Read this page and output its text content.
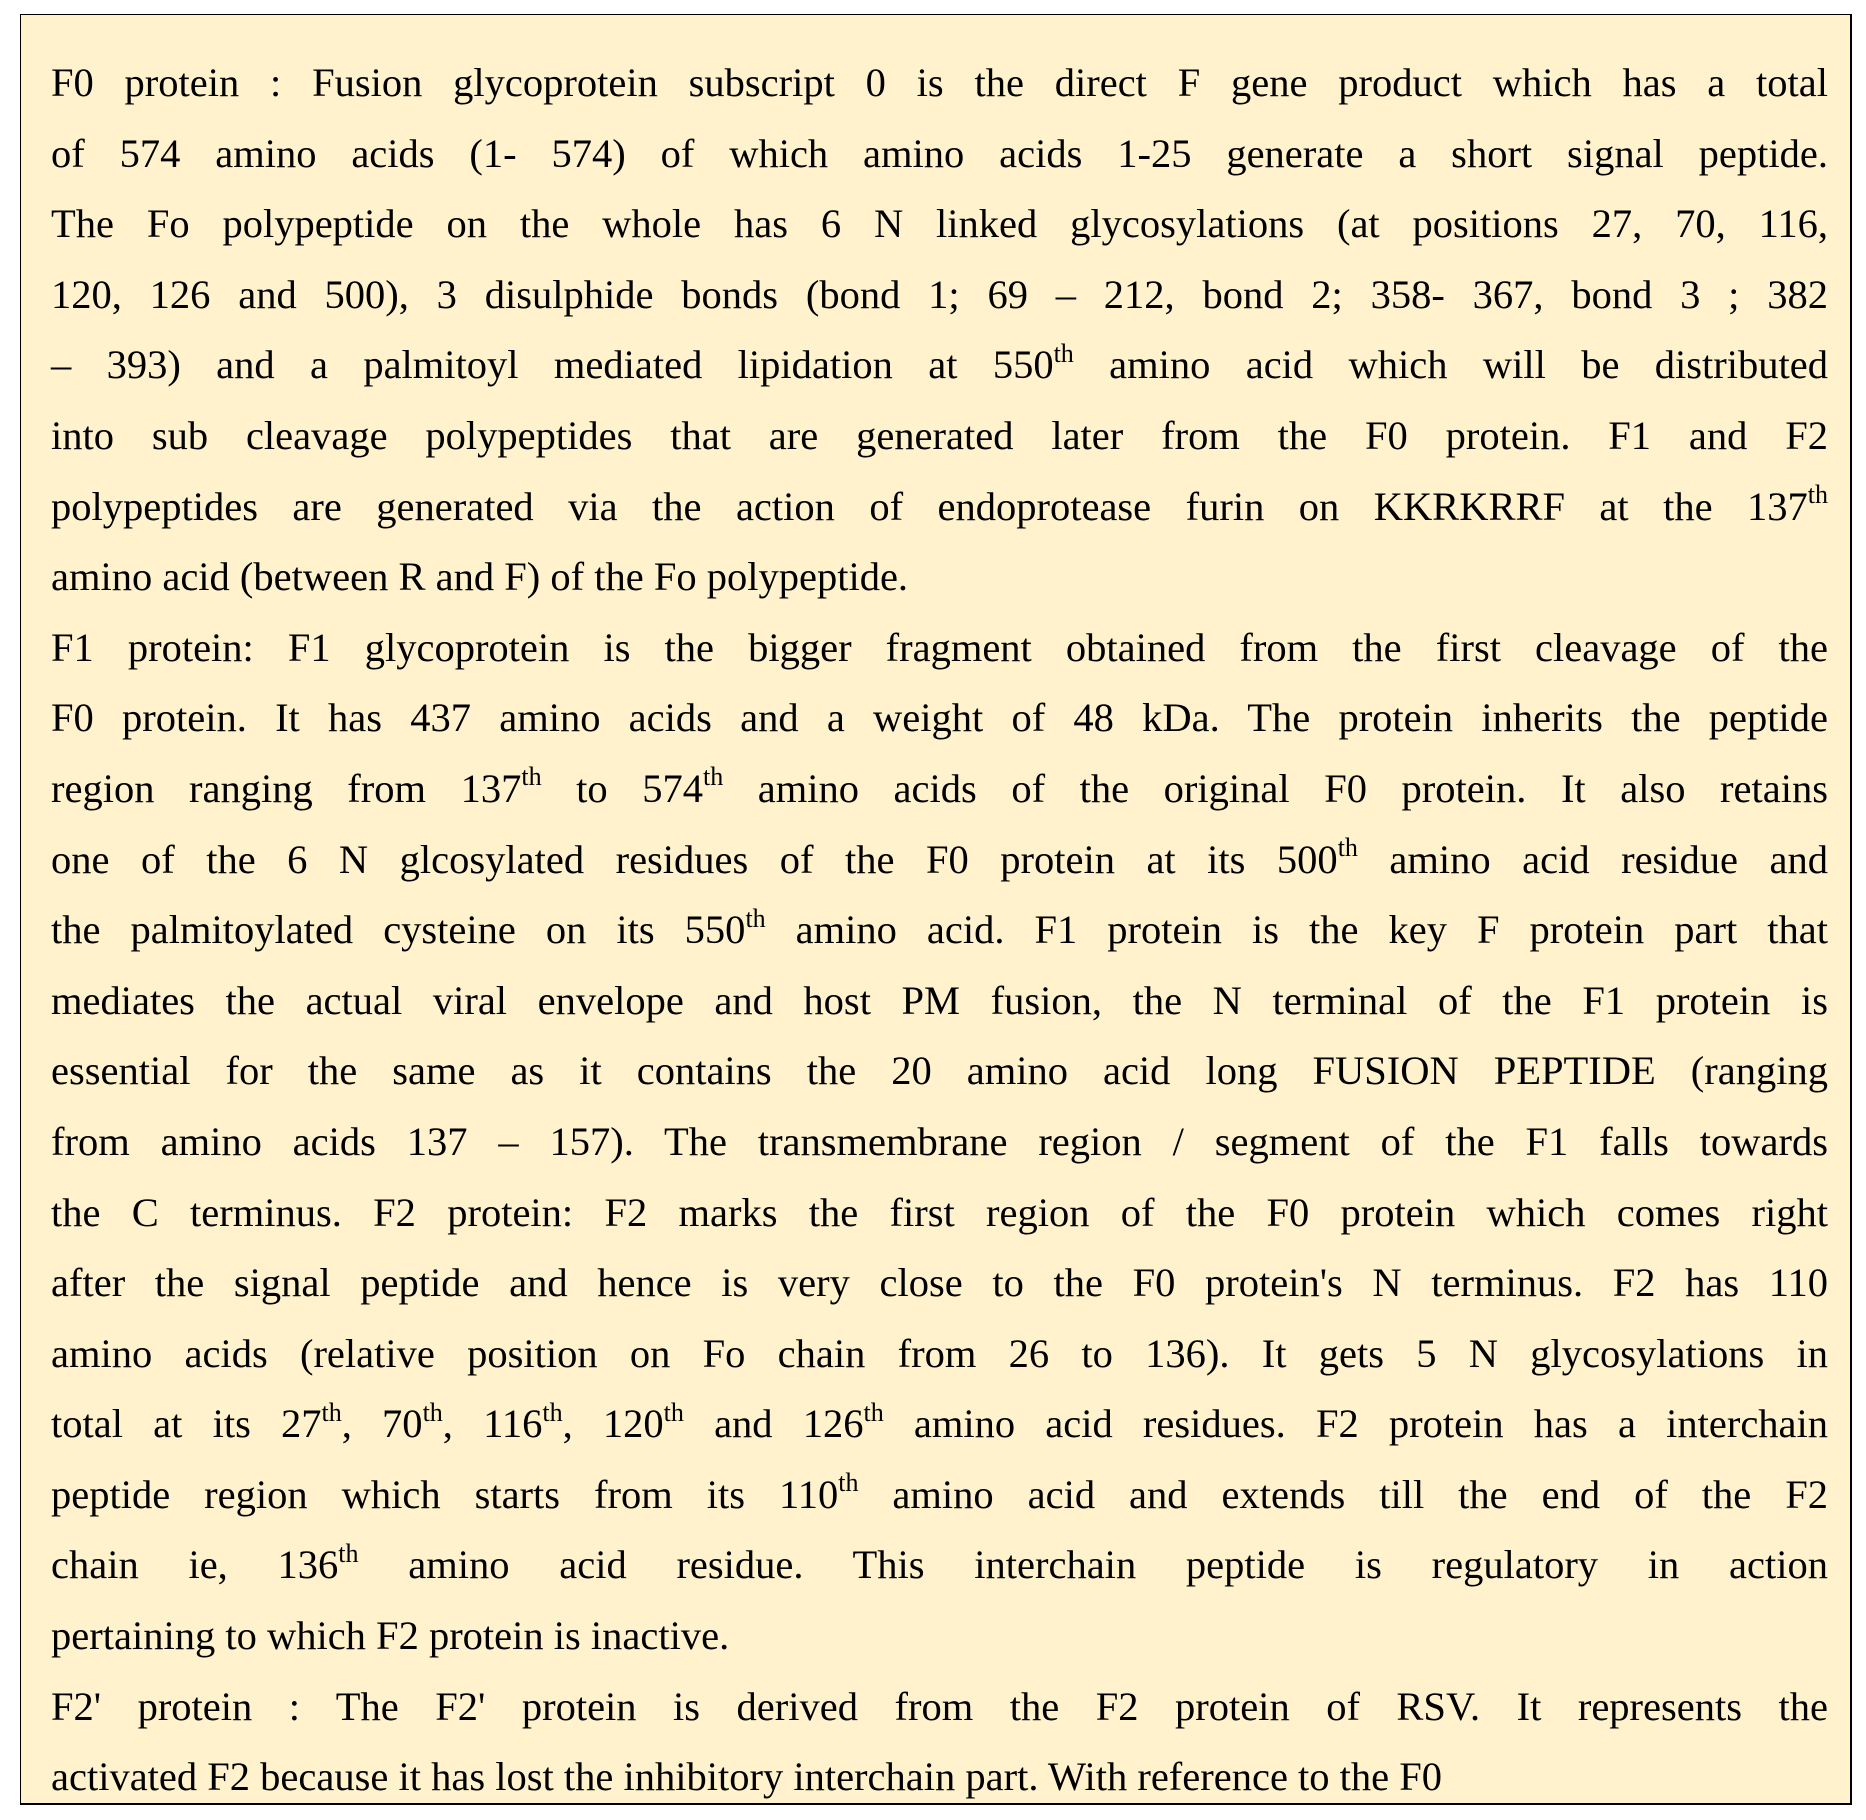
F0 protein : Fusion glycoprotein subscript 0 is the direct F gene product which has a total
of 574 amino acids (1- 574) of which amino acids 1-25 generate a short signal peptide.
The Fo polypeptide on the whole has 6 N linked glycosylations (at positions 27, 70, 116,
120, 126 and 500), 3 disulphide bonds (bond 1; 69 – 212, bond 2; 358- 367, bond 3 ; 382
– 393) and a palmitoyl mediated lipidation at 550th amino acid which will be distributed
into sub cleavage polypeptides that are generated later from the F0 protein. F1 and F2
polypeptides are generated via the action of endoprotease furin on KKRKRRF at the 137th
amino acid (between R and F) of the Fo polypeptide.
F1 protein: F1 glycoprotein is the bigger fragment obtained from the first cleavage of the
F0 protein. It has 437 amino acids and a weight of 48 kDa. The protein inherits the peptide
region ranging from 137th to 574th amino acids of the original F0 protein. It also retains
one of the 6 N glcosylated residues of the F0 protein at its 500th amino acid residue and
the palmitoylated cysteine on its 550th amino acid. F1 protein is the key F protein part that
mediates the actual viral envelope and host PM fusion, the N terminal of the F1 protein is
essential for the same as it contains the 20 amino acid long FUSION PEPTIDE (ranging
from amino acids 137 – 157). The transmembrane region / segment of the F1 falls towards
the C terminus. F2 protein: F2 marks the first region of the F0 protein which comes right
after the signal peptide and hence is very close to the F0 protein's N terminus. F2 has 110
amino acids (relative position on Fo chain from 26 to 136). It gets 5 N glycosylations in
total at its 27th, 70th, 116th, 120th and 126th amino acid residues. F2 protein has a interchain
peptide region which starts from its 110th amino acid and extends till the end of the F2
chain ie, 136th amino acid residue. This interchain peptide is regulatory in action
pertaining to which F2 protein is inactive.
F2' protein : The F2' protein is derived from the F2 protein of RSV. It represents the
activated F2 because it has lost the inhibitory interchain part. With reference to the F0
